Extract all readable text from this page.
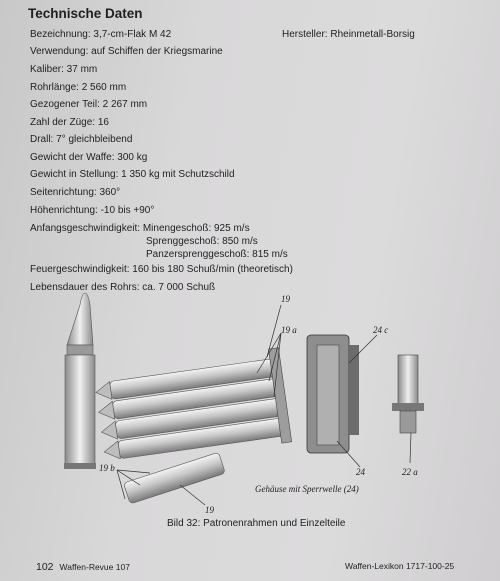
Technische Daten
Hersteller: Rheinmetall-Borsig
Bezeichnung: 3,7-cm-Flak M 42
Verwendung: auf Schiffen der Kriegsmarine
Kaliber: 37 mm
Rohrlänge: 2 560 mm
Gezogener Teil: 2 267 mm
Zahl der Züge: 16
Drall: 7° gleichbleibend
Gewicht der Waffe: 300 kg
Gewicht in Stellung: 1 350 kg mit Schutzschild
Seitenrichtung: 360°
Höhenrichtung: -10 bis +90°
Anfangsgeschwindigkeit: Minengeschoß: 925 m/s
Sprenggeschoß: 850 m/s
Panzersprenggeschoß: 815 m/s
Feuergeschwindigkeit: 160 bis 180 Schuß/min (theoretisch)
Lebensdauer des Rohrs: ca. 7 000 Schuß
19
19 a	24 c
19 b
19
24	22 a
Gehäuse mit Sperrwelle (24)
Bild 32: Patronenrahmen und Einzelteile
102 Waffen-Revue 107	Waffen-Lexikon 1717-100-25
